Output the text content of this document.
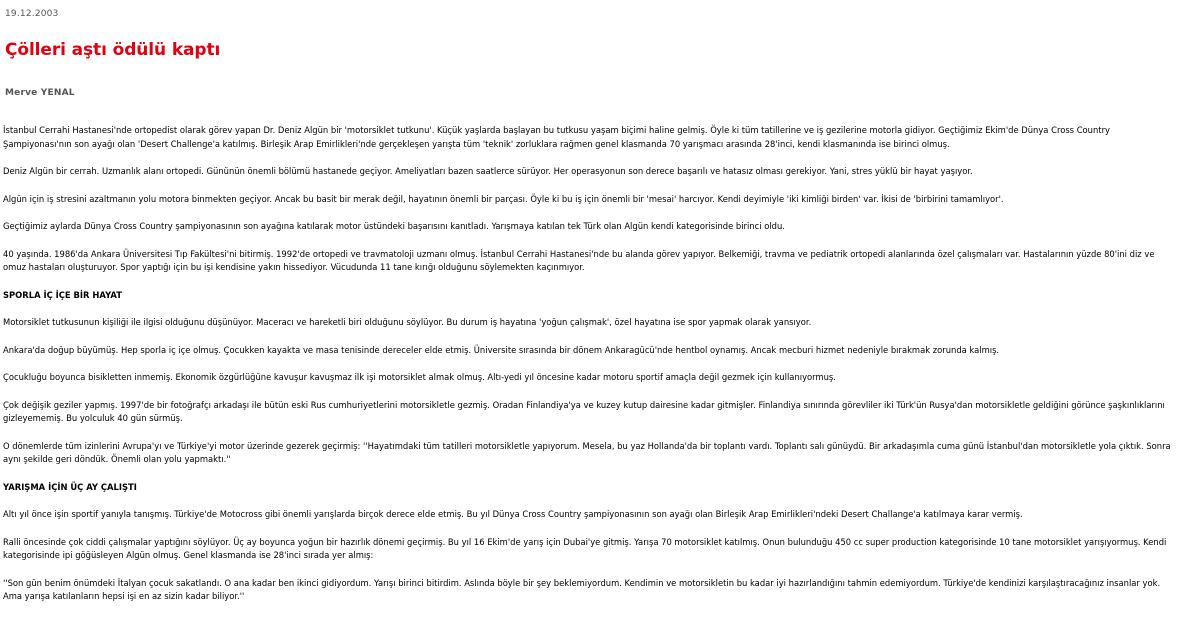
19.12.2003
Çölleri aştı ödülü kaptı
Merve YENAL

İstanbul Cerrahi Hastanesi'nde ortopedist olarak görev yapan Dr. Deniz Algün bir 'motorsiklet tutkunu'. Küçük yaşlarda başlayan bu tutkusu yaşam biçimi haline gelmiş. Öyle ki tüm tatillerine ve iş gezilerine motorla gidiyor. Geçtiğimiz Ekim'de Dünya Cross Country Şampiyonası'nın son ayağı olan 'Desert Challenge'a katılmış. Birleşik Arap Emirlikleri'nde gerçekleşen yarışta tüm 'teknik' zorluklara rağmen genel klasmanda 70 yarışmacı arasında 28'inci, kendi klasmanında ise birinci olmuş.

Deniz Algün bir cerrah. Uzmanlık alanı ortopedi. Gününün önemli bölümü hastanede geçiyor. Ameliyatları bazen saatlerce sürüyor. Her operasyonun son derece başarılı ve hatasız olması gerekiyor. Yani, stres yüklü bir hayat yaşıyor.

Algün için iş stresini azaltmanın yolu motora binmekten geçiyor. Ancak bu basit bir merak değil, hayatının önemli bir parçası. Öyle ki bu iş için önemli bir 'mesai' harcıyor. Kendi deyimiyle 'iki kimliği birden' var. İkisi de 'birbirini tamamlıyor'.

Geçtiğimiz aylarda Dünya Cross Country şampiyonasının son ayağına katılarak motor üstündeki başarısını kanıtladı. Yarışmaya katılan tek Türk olan Algün kendi kategorisinde birinci oldu.

40 yaşında. 1986'da Ankara Üniversitesi Tıp Fakültesi'ni bitirmiş. 1992'de ortopedi ve travmatoloji uzmanı olmuş. İstanbul Cerrahi Hastanesi'nde bu alanda görev yapıyor. Belkemiği, travma ve pediatrik ortopedi alanlarında özel çalışmaları var. Hastalarının yüzde 80'ini diz ve omuz hastaları oluşturuyor. Spor yaptığı için bu işi kendisine yakın hissediyor. Vücudunda 11 tane kırığı olduğunu söylemekten kaçınmıyor.

SPORLA İÇ İÇE BİR HAYAT

Motorsiklet tutkusunun kişiliği ile ilgisi olduğunu düşünüyor. Maceracı ve hareketli biri olduğunu söylüyor. Bu durum iş hayatına 'yoğun çalışmak', özel hayatına ise spor yapmak olarak yansıyor.

Ankara'da doğup büyümüş. Hep sporla iç içe olmuş. Çocukken kayakta ve masa tenisinde dereceler elde etmiş. Üniversite sırasında bir dönem Ankaragücü'nde hentbol oynamış. Ancak mecburi hizmet nedeniyle bırakmak zorunda kalmış.

Çocukluğu boyunca bisikletten inmemiş. Ekonomik özgürlüğüne kavuşur kavuşmaz ilk işi motorsiklet almak olmuş. Altı-yedi yıl öncesine kadar motoru sportif amaçla değil gezmek için kullanıyormuş.

Çok değişik geziler yapmış. 1997'de bir fotoğrafçı arkadaşı ile bütün eski Rus cumhuriyetlerini motorsikletle gezmiş. Oradan Finlandiya'ya ve kuzey kutup dairesine kadar gitmişler. Finlandiya sınırında görevliler iki Türk'ün Rusya'dan motorsikletle geldiğini görünce şaşkınlıklarını gizleyememiş. Bu yolculuk 40 gün sürmüş.

O dönemlerde tüm izinlerini Avrupa'yı ve Türkiye'yi motor üzerinde gezerek geçirmiş: ''Hayatımdaki tüm tatilleri motorsikletle yapıyorum. Mesela, bu yaz Hollanda'da bir toplantı vardı. Toplantı salı günüydü. Bir arkadaşımla cuma günü İstanbul'dan motorsikletle yola çıktık. Sonra aynı şekilde geri döndük. Önemli olan yolu yapmaktı.''

YARIŞMA İÇİN ÜÇ AY ÇALIŞTI

Altı yıl önce işin sportif yanıyla tanışmış. Türkiye'de Motocross gibi önemli yarışlarda birçok derece elde etmiş. Bu yıl Dünya Cross Country şampiyonasının son ayağı olan Birleşik Arap Emirlikleri'ndeki Desert Challange'a katılmaya karar vermiş.

Ralli öncesinde çok ciddi çalışmalar yaptığını söylüyor. Üç ay boyunca yoğun bir hazırlık dönemi geçirmiş. Bu yıl 16 Ekim'de yarış için Dubai'ye gitmiş. Yarışa 70 motorsiklet katılmış. Onun bulunduğu 450 cc super production kategorisinde 10 tane motorsiklet yarışıyormuş. Kendi kategorisinde ipi göğüsleyen Algün olmuş. Genel klasmanda ise 28'inci sırada yer almış:

''Son gün benim önümdeki İtalyan çocuk sakatlandı. O ana kadar ben ikinci gidiyordum. Yarışı birinci bitirdim. Aslında böyle bir şey beklemiyordum. Kendimin ve motorsikletin bu kadar iyi hazırlandığını tahmin edemiyordum. Türkiye'de kendinizi karşılaştıracağınız insanlar yok. Ama yarışa katılanların hepsi işi en az sizin kadar biliyor.''
